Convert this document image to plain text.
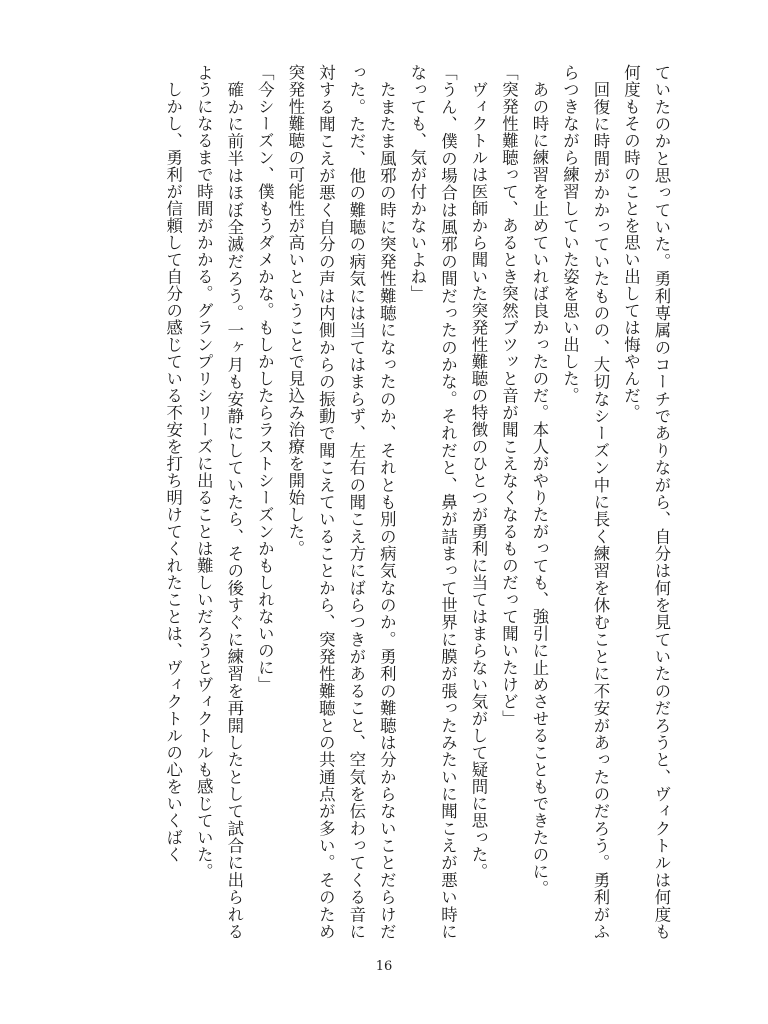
ていたのかと思っていた。勇利専属のコーチでありながら、自分は何を見ていたのだろうと、ヴィクトルは何度も何度もその時のことを思い出しては悔やんだ。

　回復に時間がかかっていたものの、大切なシーズン中に長く練習を休むことに不安があったのだろう。勇利がふらつきながら練習していた姿を思い出した。

　あの時に練習を止めていれば良かったのだ。本人がやりたがっても、強引に止めさせることもできたのに。

「突発性難聴って、あるとき突然ブツッと音が聞こえなくなるものだって聞いたけど」

　ヴィクトルは医師から聞いた突発性難聴の特徴のひとつが勇利に当てはまらない気がして疑問に思った。

「うん、僕の場合は風邪の間だったのかな。それだと、鼻が詰まって世界に膜が張ったみたいに聞こえが悪い時になっても、気が付かないよね」

　たまたま風邪の時に突発性難聴になったのか、それとも別の病気なのか。勇利の難聴は分からないことだらけだった。ただ、他の難聴の病気には当てはまらず、左右の聞こえ方にばらつきがあること、空気を伝わってくる音に対する聞こえが悪く自分の声は内側からの振動で聞こえていることから、突発性難聴との共通点が多い。そのため突発性難聴の可能性が高いということで見込み治療を開始した。

「今シーズン、僕もうダメかな。もしかしたらラストシーズンかもしれないのに」

　確かに前半はほぼ全滅だろう。一ヶ月も安静にしていたら、その後すぐに練習を再開したとして試合に出られるようになるまで時間がかかる。グランプリシリーズに出ることは難しいだろうとヴィクトルも感じていた。

　しかし、勇利が信頼して自分の感じている不安を打ち明けてくれたことは、ヴィクトルの心をいくばく

16
